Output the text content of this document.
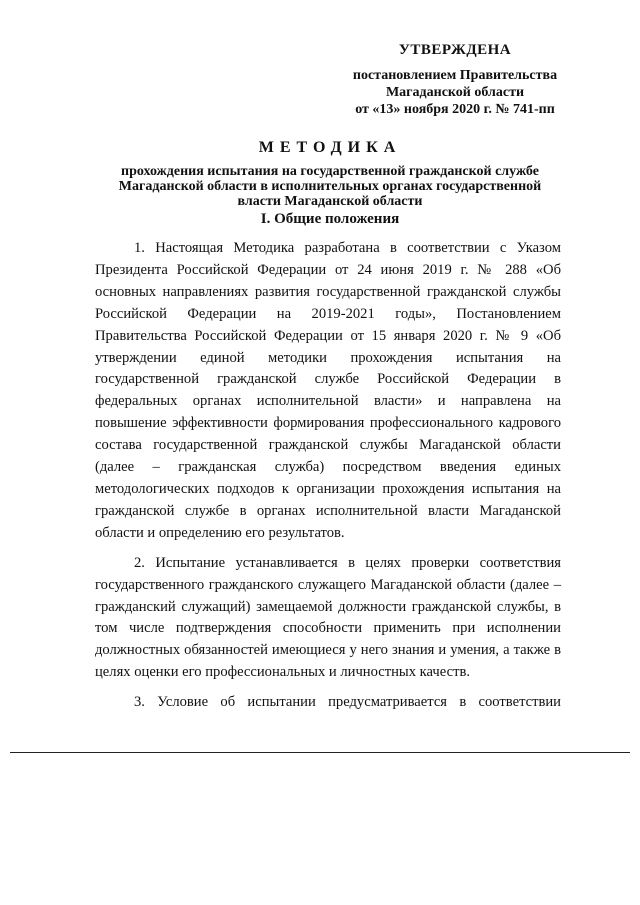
УТВЕРЖДЕНА
постановлением Правительства
Магаданской области
от «13» ноября 2020 г. № 741-пп
МЕТОДИКА
прохождения испытания на государственной гражданской службе
Магаданской области в исполнительных органах государственной
власти Магаданской области
I. Общие положения

1. Настоящая Методика разработана в соответствии с Указом Президента Российской Федерации от 24 июня 2019 г. № 288 «Об основных направлениях развития государственной гражданской службы Российской Федерации на 2019-2021 годы», Постановлением Правительства Российской Федерации от 15 января 2020 г. № 9 «Об утверждении единой методики прохождения испытания на государственной гражданской службе Российской Федерации в федеральных органах исполнительной власти» и направлена на повышение эффективности формирования профессионального кадрового состава государственной гражданской службы Магаданской области (далее – гражданская служба) посредством введения единых методологических подходов к организации прохождения испытания на гражданской службе в органах исполнительной власти Магаданской области и определению его результатов.

2. Испытание устанавливается в целях проверки соответствия государственного гражданского служащего Магаданской области (далее – гражданский служащий) замещаемой должности гражданской службы, в том числе подтверждения способности применить при исполнении должностных обязанностей имеющиеся у него знания и умения, а также в целях оценки его профессиональных и личностных качеств.

3. Условие об испытании предусматривается в соответствии
